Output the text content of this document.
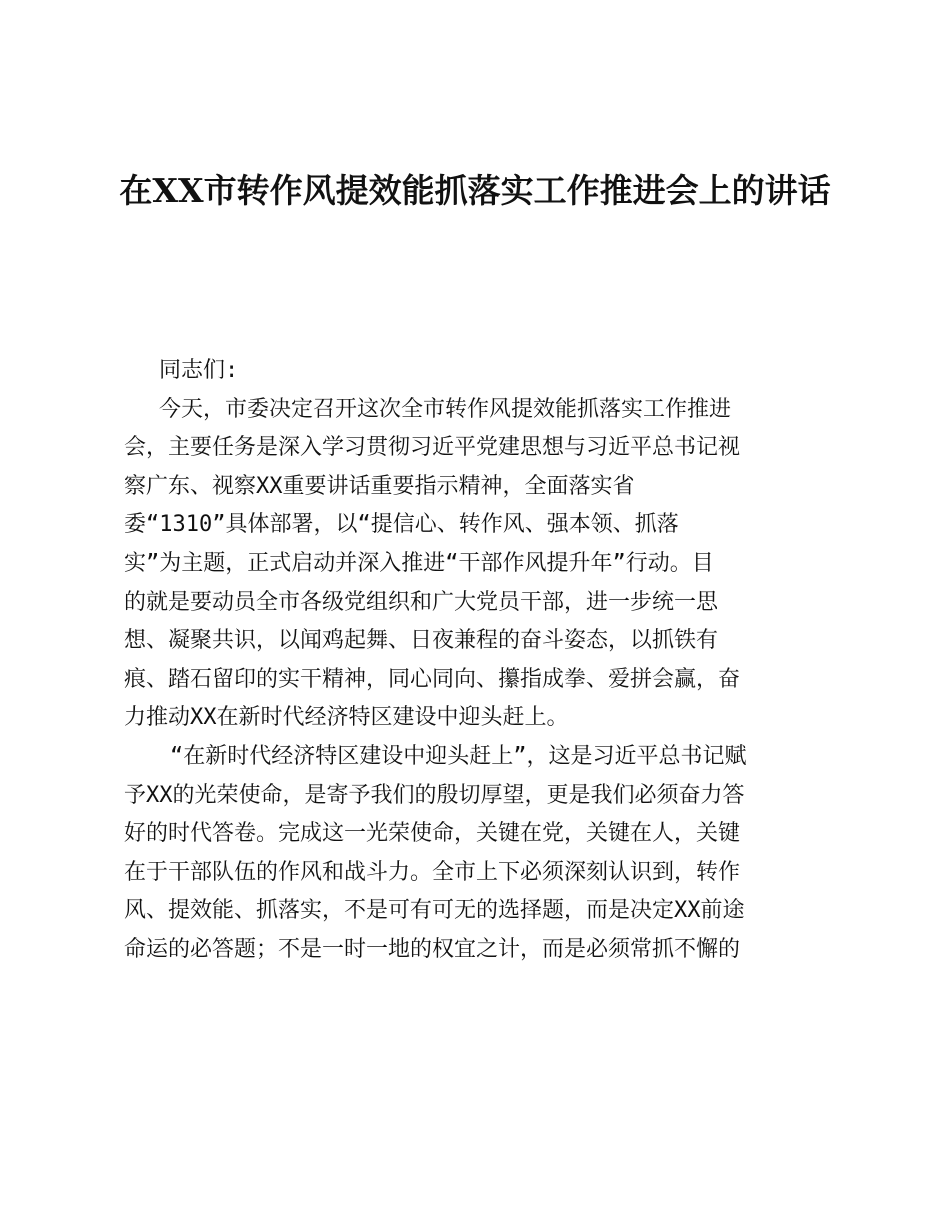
在XX市转作风提效能抓落实工作推进会上的讲话
同志们:
今天，市委决定召开这次全市转作风提效能抓落实工作推进
会，主要任务是深入学习贯彻习近平党建思想与习近平总书记视
察广东、视察XX重要讲话重要指示精神，全面落实省
委“1310”具体部署，以“提信心、转作风、强本领、抓落
实”为主题，正式启动并深入推进“干部作风提升年”行动。目
的就是要动员全市各级党组织和广大党员干部，进一步统一思
想、凝聚共识，以闻鸡起舞、日夜兼程的奋斗姿态，以抓铁有
痕、踏石留印的实干精神，同心同向、攥指成拳、爱拼会赢，奋
力推动XX在新时代经济特区建设中迎头赶上。
“在新时代经济特区建设中迎头赶上”，这是习近平总书记赋
予XX的光荣使命，是寄予我们的殷切厚望，更是我们必须奋力答
好的时代答卷。完成这一光荣使命，关键在党，关键在人，关键
在于干部队伍的作风和战斗力。全市上下必须深刻认识到，转作
风、提效能、抓落实，不是可有可无的选择题，而是决定XX前途
命运的必答题；不是一时一地的权宜之计，而是必须常抓不懈的
